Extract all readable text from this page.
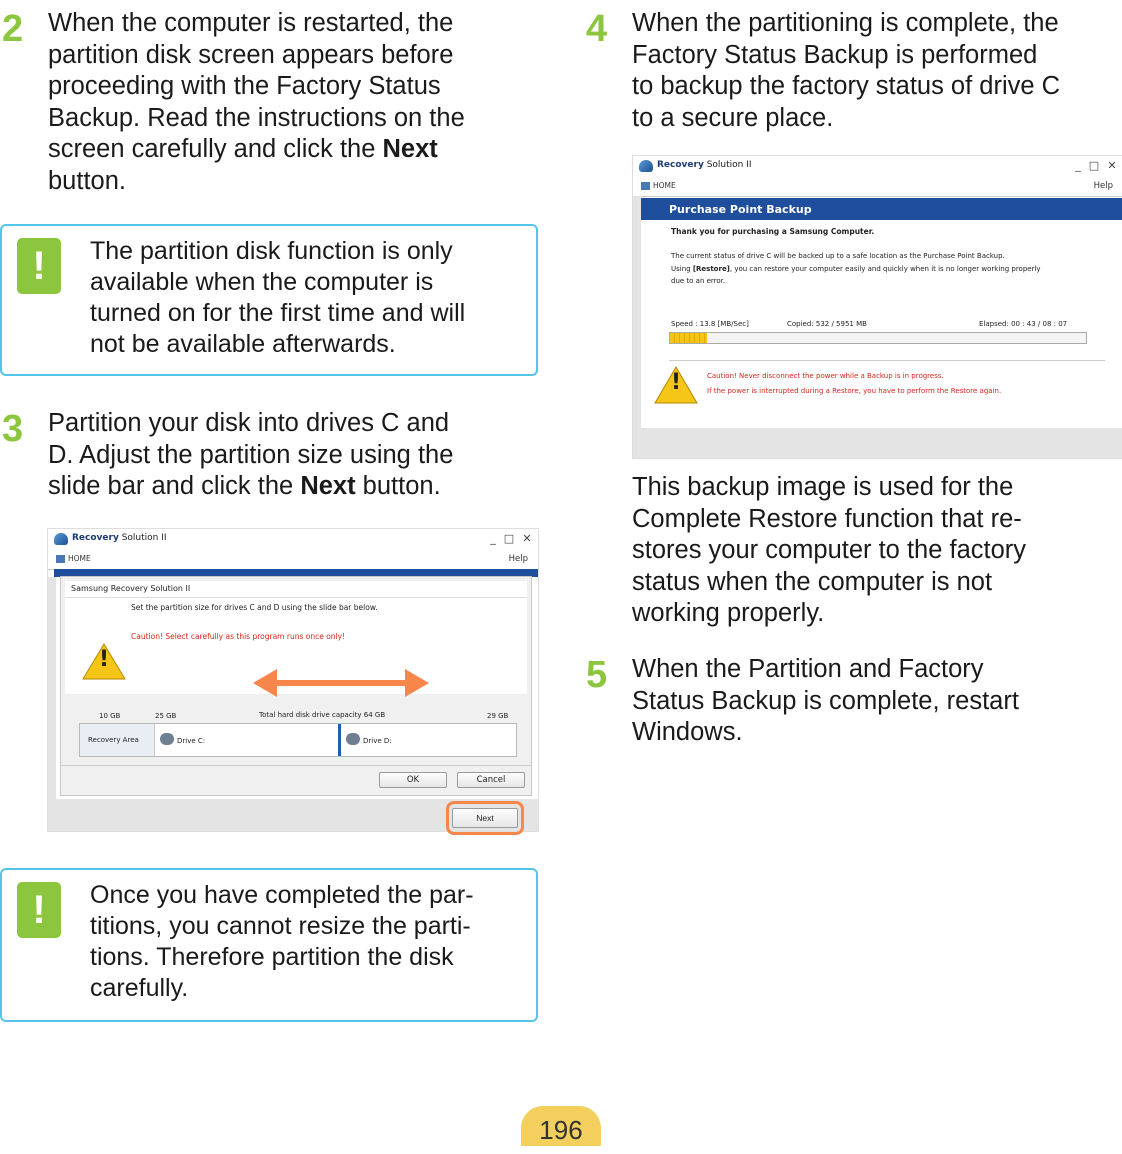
2 When the computer is restarted, the
partition disk screen appears before
proceeding with the Factory Status
Backup. Read the instructions on the
screen carefully and click the Next
button.
!	The partition disk function is only
available when the computer is
turned on for the first time and will
not be available afterwards.
3 Partition your disk into drives C and
D. Adjust the partition size using the
slide bar and click the Next button.
Recovery Solution II	_ □ ✕
HOME	Help
Samsung Recovery Solution II
Set the partition size for drives C and D using the slide bar below.
Caution! Select carefully as this program runs once only!
!
10 GB	25 GB	Total hard disk drive capacity 64 GB	29 GB
Recovery Area	Drive C:	Drive D:
OK	Cancel
Next
!	Once you have completed the par-
titions, you cannot resize the parti-
tions. Therefore partition the disk
carefully.
4 When the partitioning is complete, the
Factory Status Backup is performed
to backup the factory status of drive C
to a secure place.
Recovery Solution II	_ □ ✕
HOME	Help
Purchase Point Backup
Thank you for purchasing a Samsung Computer.
The current status of drive C will be backed up to a safe location as the Purchase Point Backup.
Using [Restore], you can restore your computer easily and quickly when it is no longer working properly
due to an error.
Speed : 13.8 [MB/Sec]	Copied: 532 / 5951 MB	Elapsed: 00 : 43 / 08 : 07
!	Caution! Never disconnect the power while a Backup is in progress.
If the power is interrupted during a Restore, you have to perform the Restore again.
This backup image is used for the
Complete Restore function that re-
stores your computer to the factory
status when the computer is not
working properly.
5 When the Partition and Factory
Status Backup is complete, restart
Windows.
196
